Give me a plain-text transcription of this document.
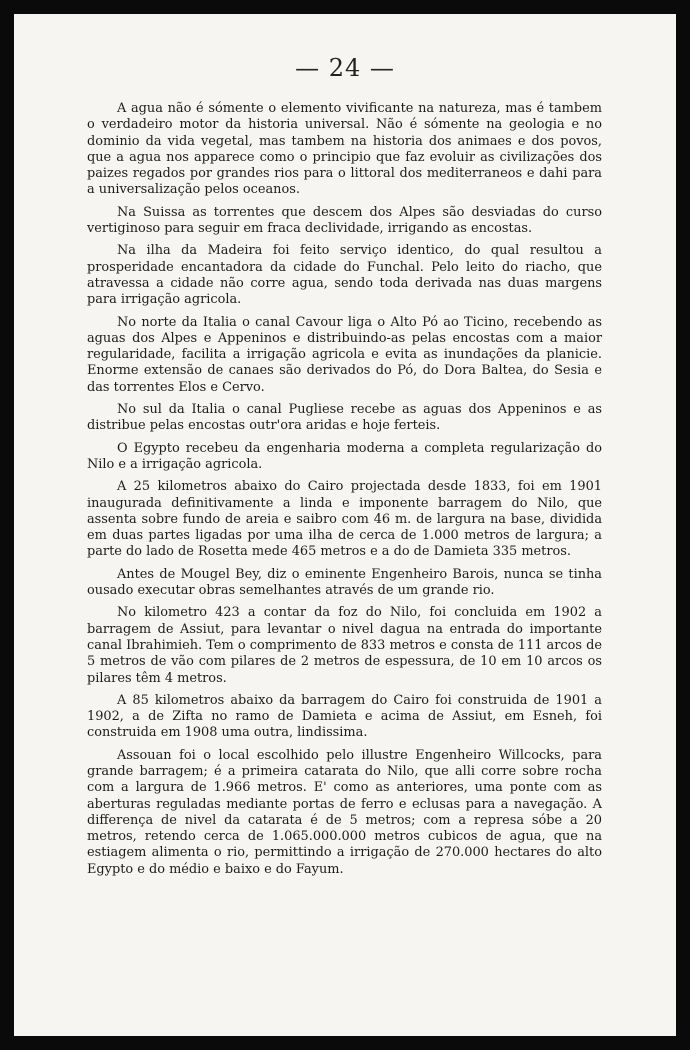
— 24 —

A agua não é sómente o elemento vivificante na natureza, mas é tambem o verdadeiro motor da historia universal. Não é sómente na geologia e no dominio da vida vegetal, mas tambem na historia dos animaes e dos povos, que a agua nos apparece como o principio que faz evoluir as civilizações dos paizes regados por grandes rios para o littoral dos mediterraneos e dahi para a universalização pelos oceanos.

Na Suissa as torrentes que descem dos Alpes são desviadas do curso vertiginoso para seguir em fraca declividade, irrigando as encostas.

Na ilha da Madeira foi feito serviço identico, do qual resultou a prosperidade encantadora da cidade do Funchal. Pelo leito do riacho, que atravessa a cidade não corre agua, sendo toda derivada nas duas margens para irrigação agricola.

No norte da Italia o canal Cavour liga o Alto Pó ao Ticino, recebendo as aguas dos Alpes e Appeninos e distribuindo-as pelas encostas com a maior regularidade, facilita a irrigação agricola e evita as inundações da planicie. Enorme extensão de canaes são derivados do Pó, do Dora Baltea, do Sesia e das torrentes Elos e Cervo.

No sul da Italia o canal Pugliese recebe as aguas dos Appeninos e as distribue pelas encostas outr'ora aridas e hoje ferteis.

O Egypto recebeu da engenharia moderna a completa regularização do Nilo e a irrigação agricola.

A 25 kilometros abaixo do Cairo projectada desde 1833, foi em 1901 inaugurada definitivamente a linda e imponente barragem do Nilo, que assenta sobre fundo de areia e saibro com 46 m. de largura na base, dividida em duas partes ligadas por uma ilha de cerca de 1.000 metros de largura; a parte do lado de Rosetta mede 465 metros e a do de Damieta 335 metros.

Antes de Mougel Bey, diz o eminente Engenheiro Barois, nunca se tinha ousado executar obras semelhantes através de um grande rio.

No kilometro 423 a contar da foz do Nilo, foi concluida em 1902 a barragem de Assiut, para levantar o nivel dagua na entrada do importante canal Ibrahimieh. Tem o comprimento de 833 metros e consta de 111 arcos de 5 metros de vão com pilares de 2 metros de espessura, de 10 em 10 arcos os pilares têm 4 metros.

A 85 kilometros abaixo da barragem do Cairo foi construida de 1901 a 1902, a de Zifta no ramo de Damieta e acima de Assiut, em Esneh, foi construida em 1908 uma outra, lindissima.

Assouan foi o local escolhido pelo illustre Engenheiro Willcocks, para grande barragem; é a primeira catarata do Nilo, que alli corre sobre rocha com a largura de 1.966 metros. E' como as anteriores, uma ponte com as aberturas reguladas mediante portas de ferro e eclusas para a navegação. A differença de nivel da catarata é de 5 metros; com a represa sóbe a 20 metros, retendo cerca de 1.065.000.000 metros cubicos de agua, que na estiagem alimenta o rio, permittindo a irrigação de 270.000 hectares do alto Egypto e do médio e baixo e do Fayum.
